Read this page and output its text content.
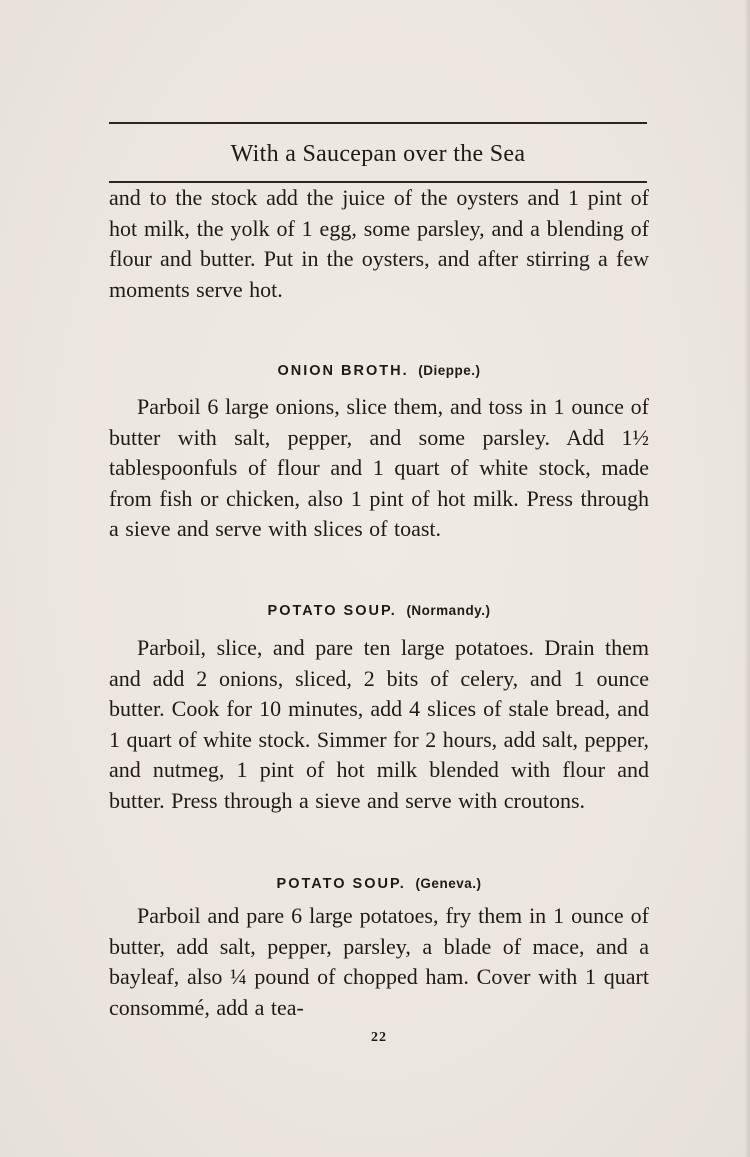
With a Saucepan over the Sea

and to the stock add the juice of the oysters and 1 pint of hot milk, the yolk of 1 egg, some parsley, and a blending of flour and butter. Put in the oysters, and after stirring a few moments serve hot.

ONION BROTH. (Dieppe.)

Parboil 6 large onions, slice them, and toss in 1 ounce of butter with salt, pepper, and some parsley. Add 1½ tablespoonfuls of flour and 1 quart of white stock, made from fish or chicken, also 1 pint of hot milk. Press through a sieve and serve with slices of toast.

POTATO SOUP. (Normandy.)

Parboil, slice, and pare ten large potatoes. Drain them and add 2 onions, sliced, 2 bits of celery, and 1 ounce butter. Cook for 10 minutes, add 4 slices of stale bread, and 1 quart of white stock. Simmer for 2 hours, add salt, pepper, and nutmeg, 1 pint of hot milk blended with flour and butter. Press through a sieve and serve with croutons.

POTATO SOUP. (Geneva.)

Parboil and pare 6 large potatoes, fry them in 1 ounce of butter, add salt, pepper, parsley, a blade of mace, and a bayleaf, also ¼ pound of chopped ham. Cover with 1 quart consommé, add a tea-

22
